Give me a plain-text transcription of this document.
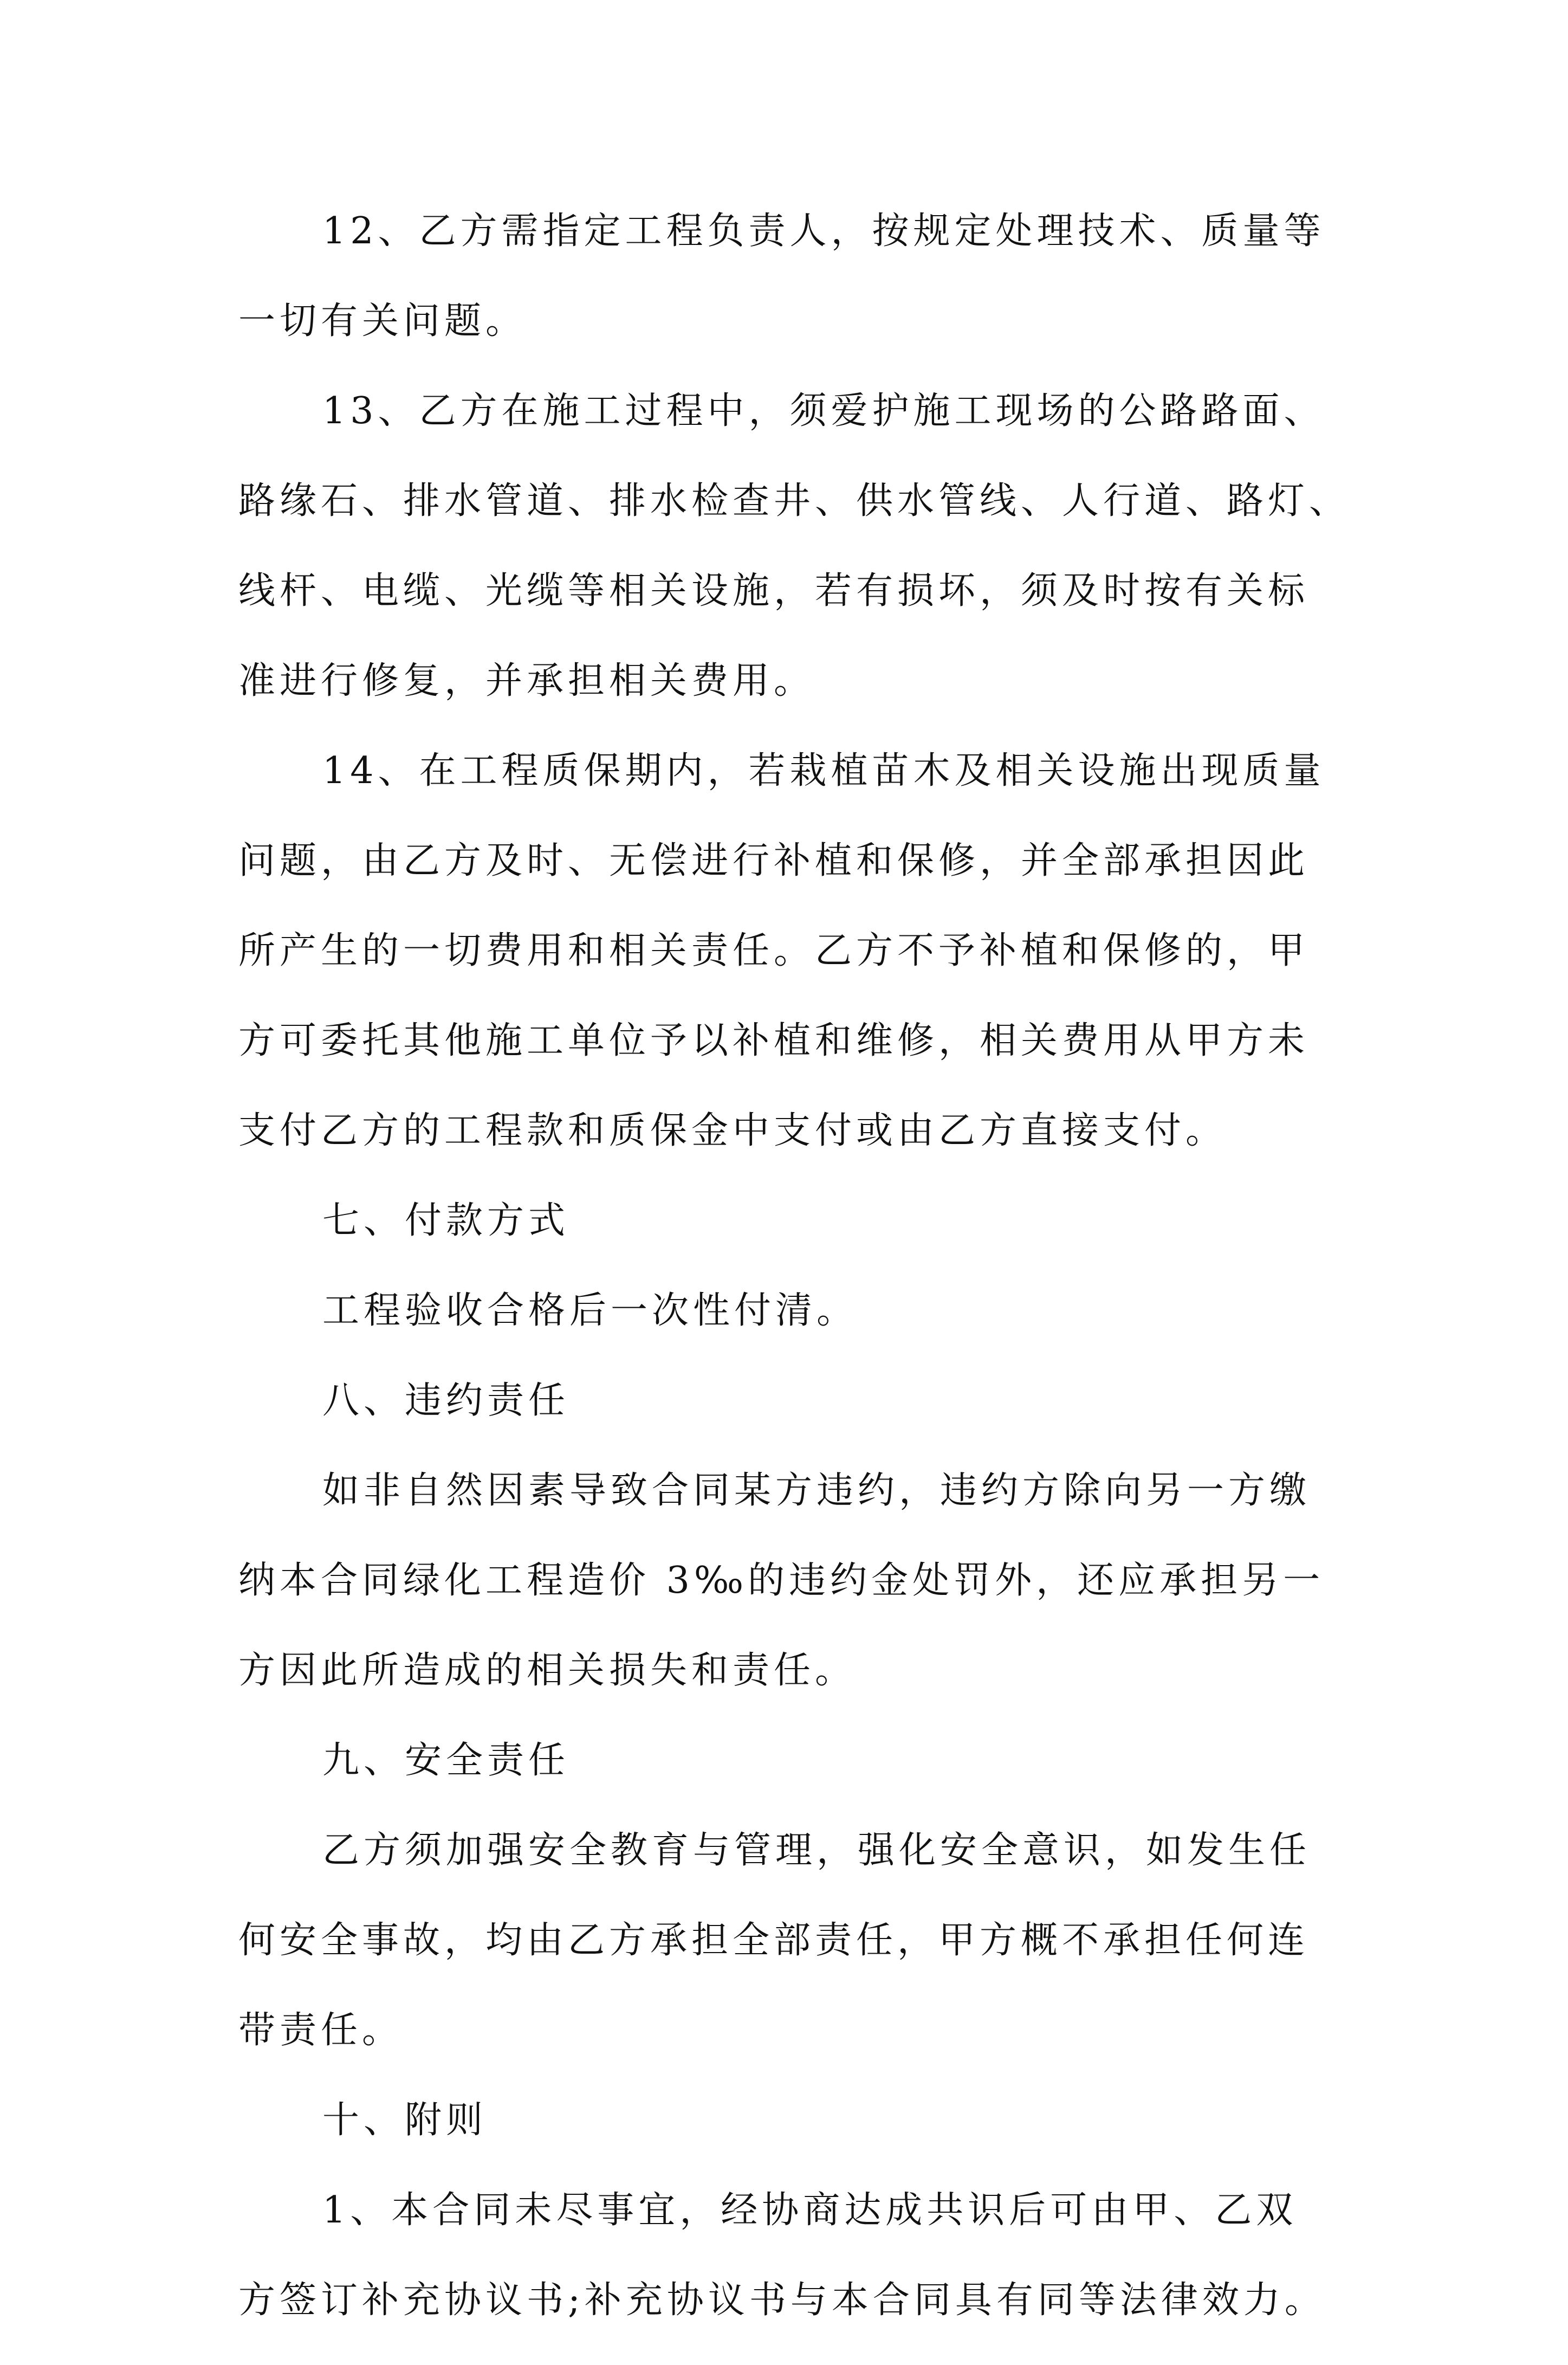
12、乙方需指定工程负责人，按规定处理技术、质量等
一切有关问题。
13、乙方在施工过程中，须爱护施工现场的公路路面、
路缘石、排水管道、排水检查井、供水管线、人行道、路灯、
线杆、电缆、光缆等相关设施，若有损坏，须及时按有关标
准进行修复，并承担相关费用。
14、在工程质保期内，若栽植苗木及相关设施出现质量
问题，由乙方及时、无偿进行补植和保修，并全部承担因此
所产生的一切费用和相关责任。乙方不予补植和保修的，甲
方可委托其他施工单位予以补植和维修，相关费用从甲方未
支付乙方的工程款和质保金中支付或由乙方直接支付。
七、付款方式
工程验收合格后一次性付清。
八、违约责任
如非自然因素导致合同某方违约，违约方除向另一方缴
纳本合同绿化工程造价 3‰的违约金处罚外，还应承担另一
方因此所造成的相关损失和责任。
九、安全责任
乙方须加强安全教育与管理，强化安全意识，如发生任
何安全事故，均由乙方承担全部责任，甲方概不承担任何连
带责任。
十、附则
1、本合同未尽事宜，经协商达成共识后可由甲、乙双
方签订补充协议书;补充协议书与本合同具有同等法律效力。
